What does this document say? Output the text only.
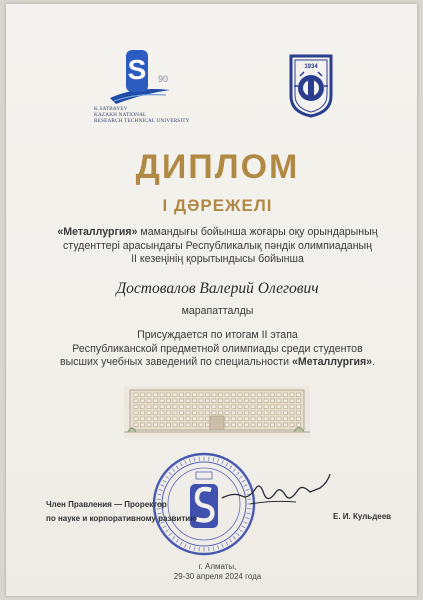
S 90
K.SATBAYEV
KAZAKH NATIONAL
RESEARCH TECHNICAL UNIVERSITY
1934
ДИПЛОМ
І ДӘРЕЖЕЛІ
«Металлургия» мамандығы бойынша жоғары оқу орындарының
студенттері арасындағы Республикалық пәндік олимпиаданың
ІІ кезеңінің қорытындысы бойынша
Достовалов Валерий Олегович
марапатталды
Присуждается по итогам ІІ этапа
Республиканской предметной олимпиады среди студентов
высших учебных заведений по специальности «Металлургия».
Член Правления — Проректор
по науке и корпоративному развитию	Е. И. Кульдеев
г. Алматы,
29-30 апреля 2024 года
